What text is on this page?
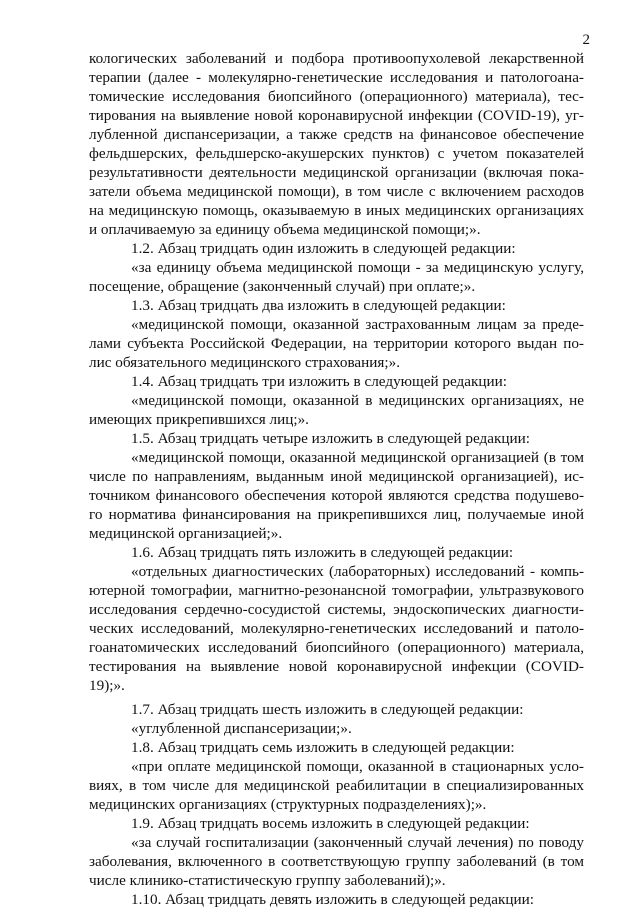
2
кологических заболеваний и подбора противоопухолевой лекарственной
терапии (далее - молекулярно-генетические исследования и патологоана-
томические исследования биопсийного (операционного) материала), тес-
тирования на выявление новой коронавирусной инфекции (COVID-19), уг-
лубленной диспансеризации, а также средств на финансовое обеспечение
фельдшерских, фельдшерско-акушерских пунктов) с учетом показателей
результативности деятельности медицинской организации (включая пока-
затели объема медицинской помощи), в том числе с включением расходов
на медицинскую помощь, оказываемую в иных медицинских организациях
и оплачиваемую за единицу объема медицинской помощи;».
1.2. Абзац тридцать один изложить в следующей редакции:
«за единицу объема медицинской помощи - за медицинскую услугу,
посещение, обращение (законченный случай) при оплате;».
1.3. Абзац тридцать два изложить в следующей редакции:
«медицинской помощи, оказанной застрахованным лицам за преде-
лами субъекта Российской Федерации, на территории которого выдан по-
лис обязательного медицинского страхования;».
1.4. Абзац тридцать три изложить в следующей редакции:
«медицинской помощи, оказанной в медицинских организациях, не
имеющих прикрепившихся лиц;».
1.5. Абзац тридцать четыре изложить в следующей редакции:
«медицинской помощи, оказанной медицинской организацией (в том
числе по направлениям, выданным иной медицинской организацией), ис-
точником финансового обеспечения которой являются средства подушево-
го норматива финансирования на прикрепившихся лиц, получаемые иной
медицинской организацией;».
1.6. Абзац тридцать пять изложить в следующей редакции:
«отдельных диагностических (лабораторных) исследований - компь-
ютерной томографии, магнитно-резонансной томографии, ультразвукового
исследования сердечно-сосудистой системы, эндоскопических диагности-
ческих исследований, молекулярно-генетических исследований и патоло-
гоанатомических исследований биопсийного (операционного) материала,
тестирования на выявление новой коронавирусной инфекции (COVID-
19);».
1.7. Абзац тридцать шесть изложить в следующей редакции:
«углубленной диспансеризации;».
1.8. Абзац тридцать семь изложить в следующей редакции:
«при оплате медицинской помощи, оказанной в стационарных усло-
виях, в том числе для медицинской реабилитации в специализированных
медицинских организациях (структурных подразделениях);».
1.9. Абзац тридцать восемь изложить в следующей редакции:
«за случай госпитализации (законченный случай лечения) по поводу
заболевания, включенного в соответствующую группу заболеваний (в том
числе клинико-статистическую группу заболеваний);».
1.10. Абзац тридцать девять изложить в следующей редакции:
